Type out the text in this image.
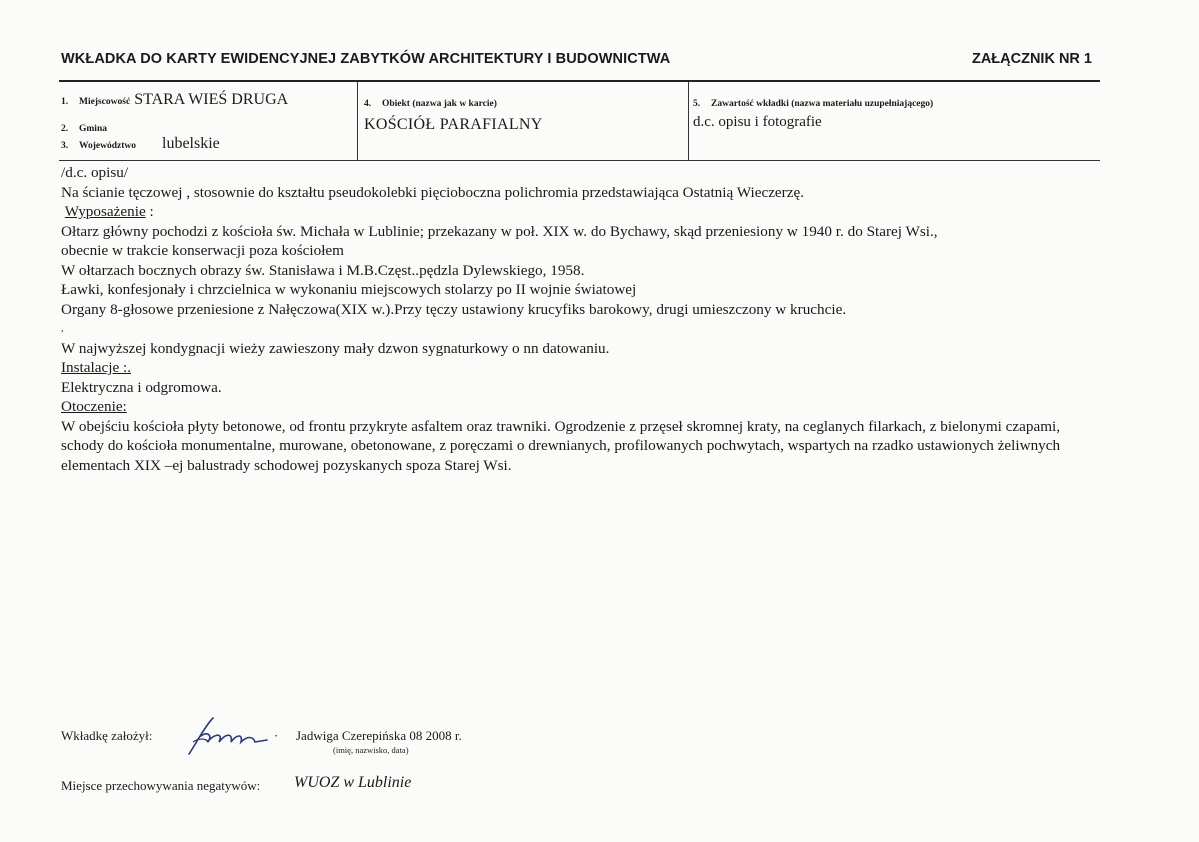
WKŁADKA DO KARTY EWIDENCYJNEJ ZABYTKÓW ARCHITEKTURY I BUDOWNICTWA	ZAŁĄCZNIK NR 1
1. Miejscowość STARA WIEŚ DRUGA
2. Gmina
3. Województwo lubelskie
4. Obiekt (nazwa jak w karcie)
KOŚCIÓŁ PARAFIALNY
5. Zawartość wkładki (nazwa materiału uzupełniającego)
d.c. opisu i fotografie

/d.c. opisu/

Na ścianie tęczowej , stosownie do kształtu pseudokolebki pięcioboczna polichromia przedstawiająca Ostatnią Wieczerzę.

Wyposażenie :

Ołtarz główny pochodzi z kościoła św. Michała w Lublinie; przekazany w poł. XIX w. do Bychawy, skąd przeniesiony w 1940 r. do Starej Wsi.,

obecnie w trakcie konserwacji poza kościołem

W ołtarzach bocznych obrazy św. Stanisława i M.B.Częst..pędzla Dylewskiego, 1958.

Ławki, konfesjonały i chrzcielnica w wykonaniu miejscowych stolarzy po II wojnie światowej

Organy 8-głosowe przeniesione z Nałęczowa(XIX w.).Przy tęczy ustawiony krucyfiks barokowy, drugi umieszczony w kruchcie.

,

W najwyższej kondygnacji wieży zawieszony mały dzwon sygnaturkowy o nn datowaniu.

Instalacje :.

Elektryczna i odgromowa.

Otoczenie:

W obejściu kościoła płyty betonowe, od frontu przykryte asfaltem oraz trawniki. Ogrodzenie z przęseł skromnej kraty, na ceglanych filarkach, z bielonymi czapami, schody do kościoła monumentalne, murowane, obetonowane, z poręczami o drewnianych, profilowanych pochwytach, wspartych na rzadko ustawionych żeliwnych elementach XIX –ej balustrady schodowej pozyskanych spoza Starej Wsi.

Wkładkę założył:	· Jadwiga Czerepińska 08 2008 r.
(imię, nazwisko, data)
Miejsce przechowywania negatywów: WUOZ w Lublinie
